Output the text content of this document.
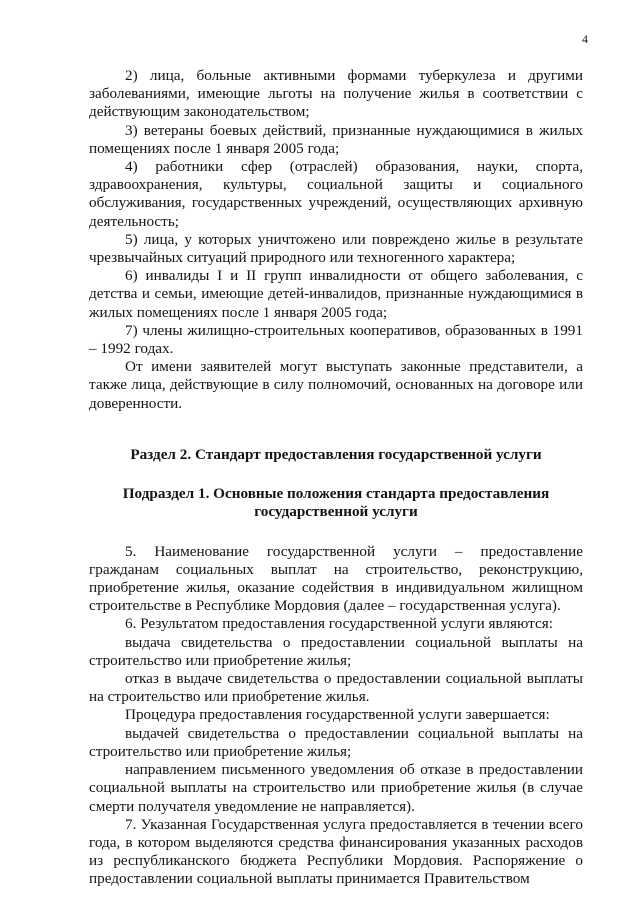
4

2) лица, больные активными формами туберкулеза и другими заболеваниями, имеющие льготы на получение жилья в соответствии с действующим законодательством;

3) ветераны боевых действий, признанные нуждающимися в жилых помещениях после 1 января 2005 года;

4) работники сфер (отраслей) образования, науки, спорта, здравоохранения, культуры, социальной защиты и социального обслуживания, государственных учреждений, осуществляющих архивную деятельность;

5) лица, у которых уничтожено или повреждено жилье в результате чрезвычайных ситуаций природного или техногенного характера;

6) инвалиды I и II групп инвалидности от общего заболевания, с детства и семьи, имеющие детей-инвалидов, признанные нуждающимися в жилых помещениях после 1 января 2005 года;

7) члены жилищно-строительных кооперативов, образованных в 1991 – 1992 годах.

От имени заявителей могут выступать законные представители, а также лица, действующие в силу полномочий, основанных на договоре или доверенности.

Раздел 2. Стандарт предоставления государственной услуги
Подраздел 1. Основные положения стандарта предоставления государственной услуги

5. Наименование государственной услуги – предоставление гражданам социальных выплат на строительство, реконструкцию, приобретение жилья, оказание содействия в индивидуальном жилищном строительстве в Республике Мордовия (далее – государственная услуга).

6. Результатом предоставления государственной услуги являются:

выдача свидетельства о предоставлении социальной выплаты на строительство или приобретение жилья;

отказ в выдаче свидетельства о предоставлении социальной выплаты на строительство или приобретение жилья.

Процедура предоставления государственной услуги завершается:

выдачей свидетельства о предоставлении социальной выплаты на строительство или приобретение жилья;

направлением письменного уведомления об отказе в предоставлении социальной выплаты на строительство или приобретение жилья (в случае смерти получателя уведомление не направляется).

7. Указанная Государственная услуга предоставляется в течении всего года, в котором выделяются средства финансирования указанных расходов из республиканского бюджета Республики Мордовия. Распоряжение о предоставлении социальной выплаты принимается Правительством
